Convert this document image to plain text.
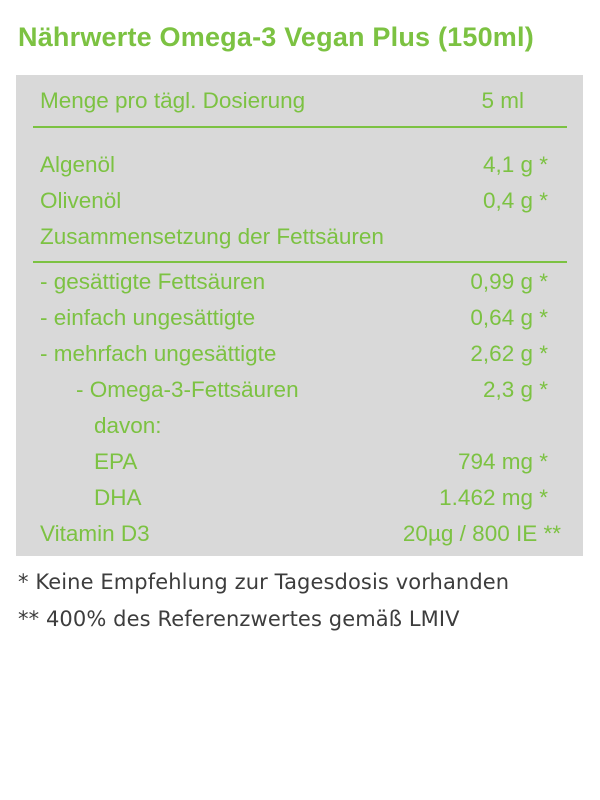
Nährwerte Omega-3 Vegan Plus (150ml)
Menge pro tägl. Dosierung	5 ml
Algenöl	4,1 g *
Olivenöl	0,4 g *
Zusammensetzung der Fettsäuren
- gesättigte Fettsäuren	0,99 g *
- einfach ungesättigte	0,64 g *
- mehrfach ungesättigte	2,62 g *
- Omega-3-Fettsäuren	2,3 g *
davon:
EPA	794 mg *
DHA	1.462 mg *
Vitamin D3	20µg / 800 IE **
* Keine Empfehlung zur Tagesdosis vorhanden
** 400% des Referenzwertes gemäß LMIV
